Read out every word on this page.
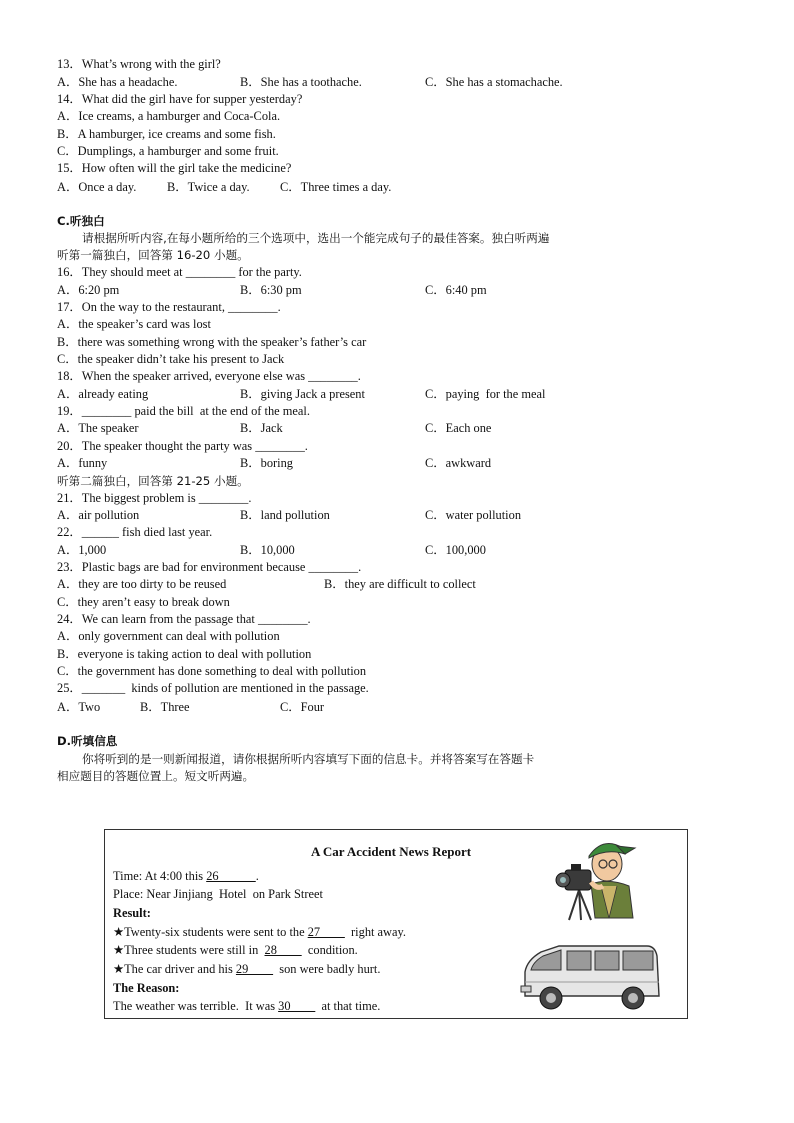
13．What’s wrong with the girl?
A．She has a headache.	B．She has a toothache.	C．She has a stomachache.
14．What did the girl have for supper yesterday?
A．Ice creams, a hamburger and Coca-Cola.
B．A hamburger, ice creams and some fish.
C．Dumplings, a hamburger and some fruit.
15．How often will the girl take the medicine?
A．Once a day. B．Twice a day. C．Three times a day.
C.听独白
请根据所听内容,在每小题所给的三个选项中，选出一个能完成句子的最佳答案。独白听两遍
听第一篇独白，回答第 16-20 小题。
16．They should meet at ________ for the party.
A．6:20 pm	B．6:30 pm	C．6:40 pm
17．On the way to the restaurant, ________.
A．the speaker’s card was lost
B．there was something wrong with the speaker’s father’s car
C．the speaker didn’t take his present to Jack
18．When the speaker arrived, everyone else was ________.
A．already eating	B．giving Jack a present	C．paying  for the meal
19．________ paid the bill  at the end of the meal.
A．The speaker	B．Jack	C．Each one
20．The speaker thought the party was ________.
A．funny	B．boring	C．awkward
听第二篇独白，回答第 21-25 小题。
21．The biggest problem is ________.
A．air pollution	B．land pollution	C．water pollution
22．______ fish died last year.
A．1,000	B．10,000	C．100,000
23．Plastic bags are bad for environment because ________.
A．they are too dirty to be reused	B．they are difficult to collect
C．they aren’t easy to break down
24．We can learn from the passage that ________.
A．only government can deal with pollution
B．everyone is taking action to deal with pollution
C．the government has done something to deal with pollution
25．_______  kinds of pollution are mentioned in the passage.
A．Two	B．Three	C．Four
D.听填信息
你将听到的是一则新闻报道，请你根据所听内容填写下面的信息卡。并将答案写在答题卡
相应题目的答题位置上。短文听两遍。
A Car Accident News Report
Time: At 4:00 this 26            .
Place: Near Jinjiang  Hotel  on Park Street
Result:
★Twenty-six students were sent to the 27          right away.
★Three students were still in  28          condition.
★The car driver and his 29          son were badly hurt.
The Reason:
The weather was terrible.  It was 30          at that time.
